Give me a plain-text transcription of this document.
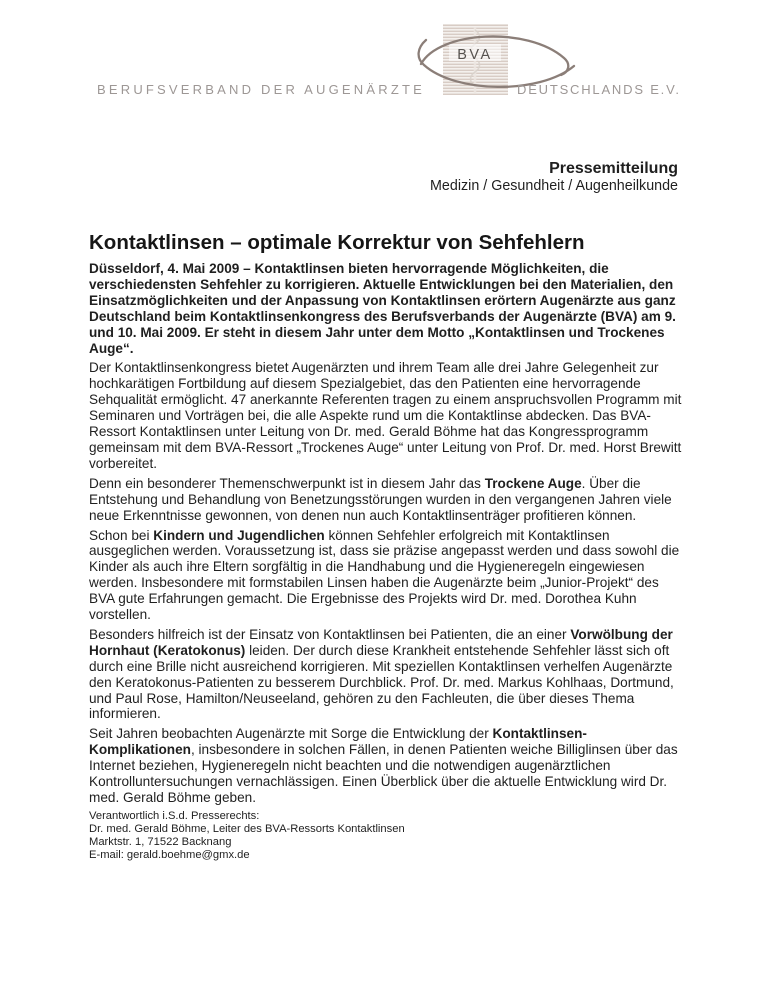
BVA
BERUFSVERBAND DER AUGENÄRZTE	DEUTSCHLANDS E.V.
Pressemitteilung
Medizin / Gesundheit / Augenheilkunde
Kontaktlinsen – optimale Korrektur von Sehfehlern

Düsseldorf, 4. Mai 2009 – Kontaktlinsen bieten hervorragende Möglichkeiten, die verschiedensten Sehfehler zu korrigieren. Aktuelle Entwicklungen bei den Materialien, den Einsatzmöglichkeiten und der Anpassung von Kontaktlinsen erörtern Augenärzte aus ganz Deutschland beim Kontaktlinsenkongress des Berufsverbands der Augenärzte (BVA) am 9. und 10. Mai 2009. Er steht in diesem Jahr unter dem Motto „Kontaktlinsen und Trockenes Auge“.

Der Kontaktlinsenkongress bietet Augenärzten und ihrem Team alle drei Jahre Gelegenheit zur hochkarätigen Fortbildung auf diesem Spezialgebiet, das den Patienten eine hervorragende Sehqualität ermöglicht. 47 anerkannte Referenten tragen zu einem anspruchsvollen Programm mit Seminaren und Vorträgen bei, die alle Aspekte rund um die Kontaktlinse abdecken. Das BVA-Ressort Kontaktlinsen unter Leitung von Dr. med. Gerald Böhme hat das Kongressprogramm gemeinsam mit dem BVA-Ressort „Trockenes Auge“ unter Leitung von Prof. Dr. med. Horst Brewitt vorbereitet.

Denn ein besonderer Themenschwerpunkt ist in diesem Jahr das Trockene Auge. Über die Entstehung und Behandlung von Benetzungsstörungen wurden in den vergangenen Jahren viele neue Erkenntnisse gewonnen, von denen nun auch Kontaktlinsenträger profitieren können.

Schon bei Kindern und Jugendlichen können Sehfehler erfolgreich mit Kontaktlinsen ausgeglichen werden. Voraussetzung ist, dass sie präzise angepasst werden und dass sowohl die Kinder als auch ihre Eltern sorgfältig in die Handhabung und die Hygieneregeln eingewiesen werden. Insbesondere mit formstabilen Linsen haben die Augenärzte beim „Junior-Projekt“ des BVA gute Erfahrungen gemacht. Die Ergebnisse des Projekts wird Dr. med. Dorothea Kuhn vorstellen.

Besonders hilfreich ist der Einsatz von Kontaktlinsen bei Patienten, die an einer Vorwölbung der Hornhaut (Keratokonus) leiden. Der durch diese Krankheit entstehende Sehfehler lässt sich oft durch eine Brille nicht ausreichend korrigieren. Mit speziellen Kontaktlinsen verhelfen Augenärzte den Keratokonus-Patienten zu besserem Durchblick. Prof. Dr. med. Markus Kohlhaas, Dortmund, und Paul Rose, Hamilton/Neuseeland, gehören zu den Fachleuten, die über dieses Thema informieren.

Seit Jahren beobachten Augenärzte mit Sorge die Entwicklung der Kontaktlinsen-Komplikationen, insbesondere in solchen Fällen, in denen Patienten weiche Billiglinsen über das Internet beziehen, Hygieneregeln nicht beachten und die notwendigen augenärztlichen Kontrolluntersuchungen vernachlässigen. Einen Überblick über die aktuelle Entwicklung wird Dr. med. Gerald Böhme geben.

Verantwortlich i.S.d. Presserechts:
Dr. med. Gerald Böhme, Leiter des BVA-Ressorts Kontaktlinsen
Marktstr. 1, 71522 Backnang
E-mail: gerald.boehme@gmx.de
